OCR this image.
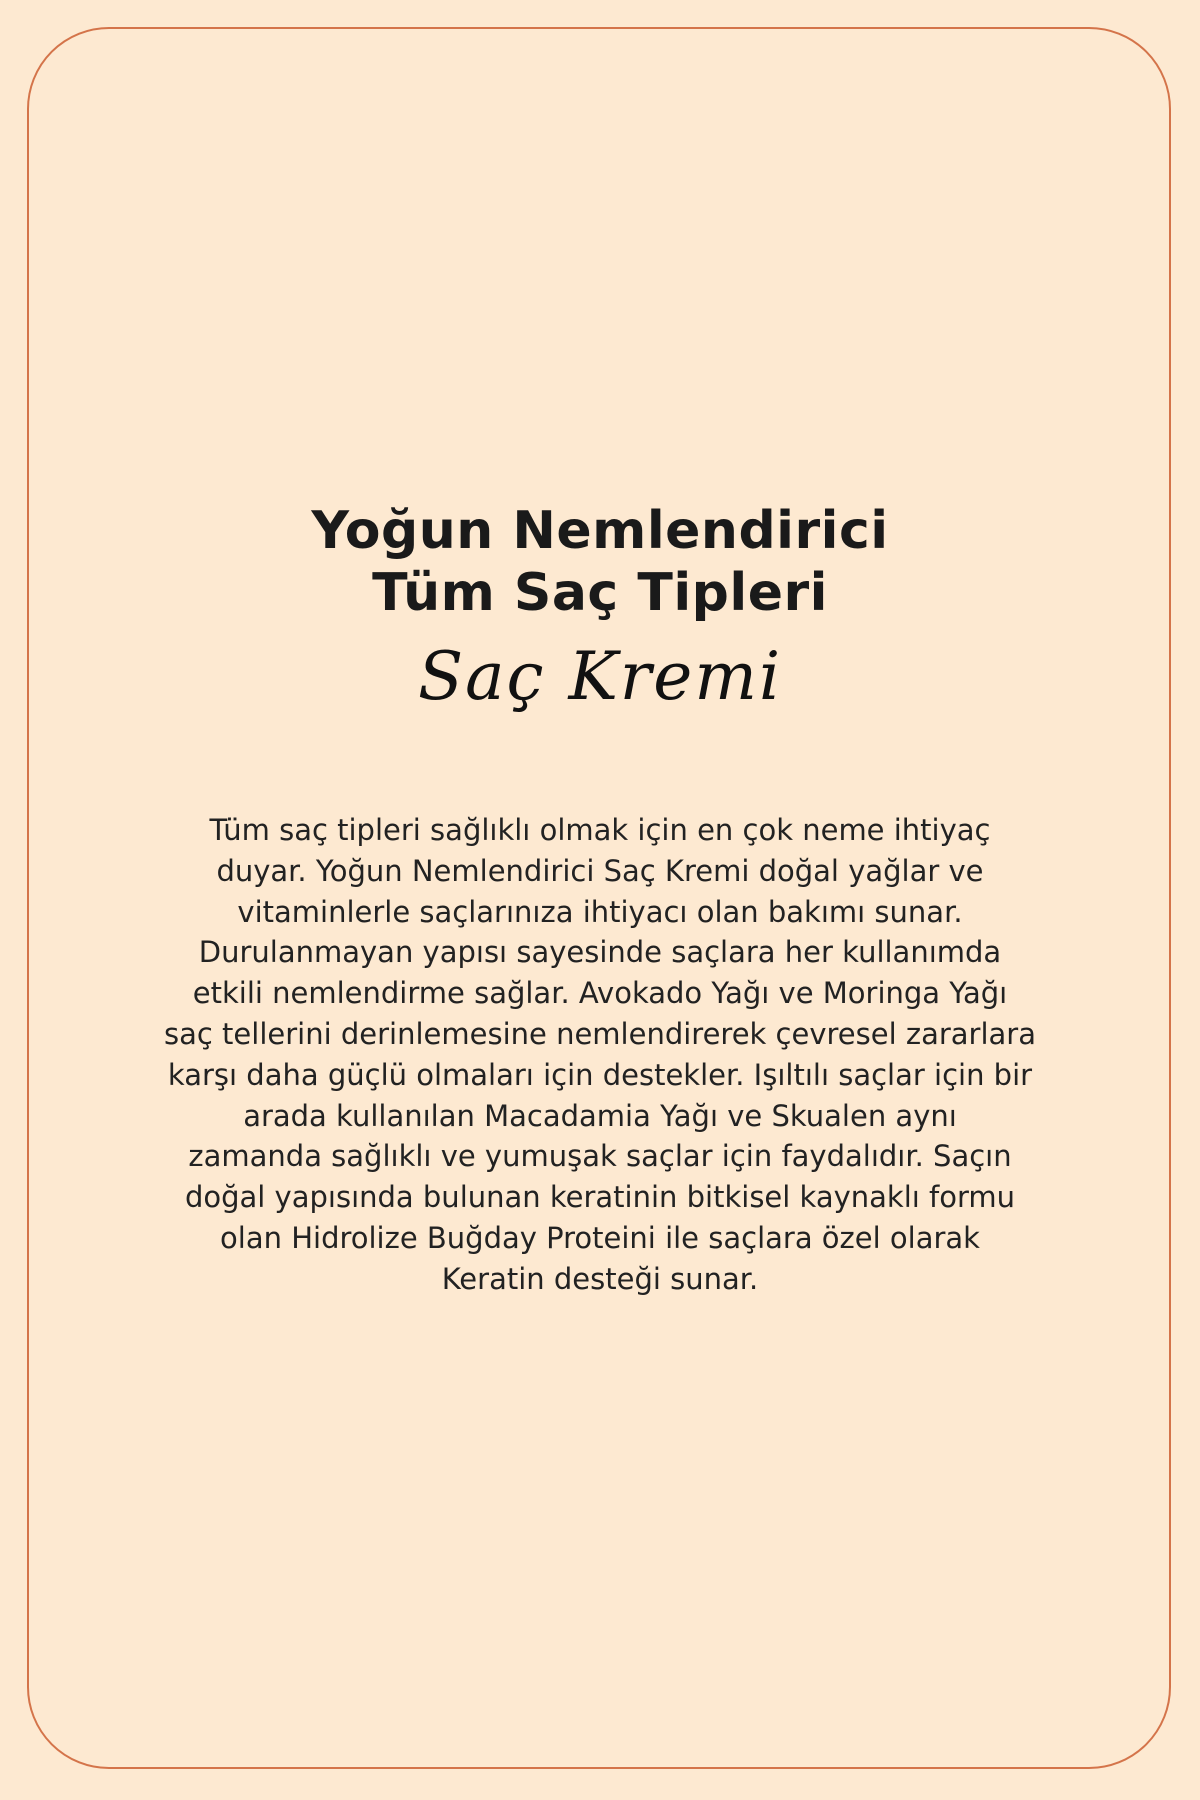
Yoğun Nemlendirici
Tüm Saç Tipleri
Saç Kremi
Tüm saç tipleri sağlıklı olmak için en çok neme ihtiyaç
duyar. Yoğun Nemlendirici Saç Kremi doğal yağlar ve
vitaminlerle saçlarınıza ihtiyacı olan bakımı sunar.
Durulanmayan yapısı sayesinde saçlara her kullanımda
etkili nemlendirme sağlar. Avokado Yağı ve Moringa Yağı
saç tellerini derinlemesine nemlendirerek çevresel zararlara
karşı daha güçlü olmaları için destekler. Işıltılı saçlar için bir
arada kullanılan Macadamia Yağı ve Skualen aynı
zamanda sağlıklı ve yumuşak saçlar için faydalıdır. Saçın
doğal yapısında bulunan keratinin bitkisel kaynaklı formu
olan Hidrolize Buğday Proteini ile saçlara özel olarak
Keratin desteği sunar.
